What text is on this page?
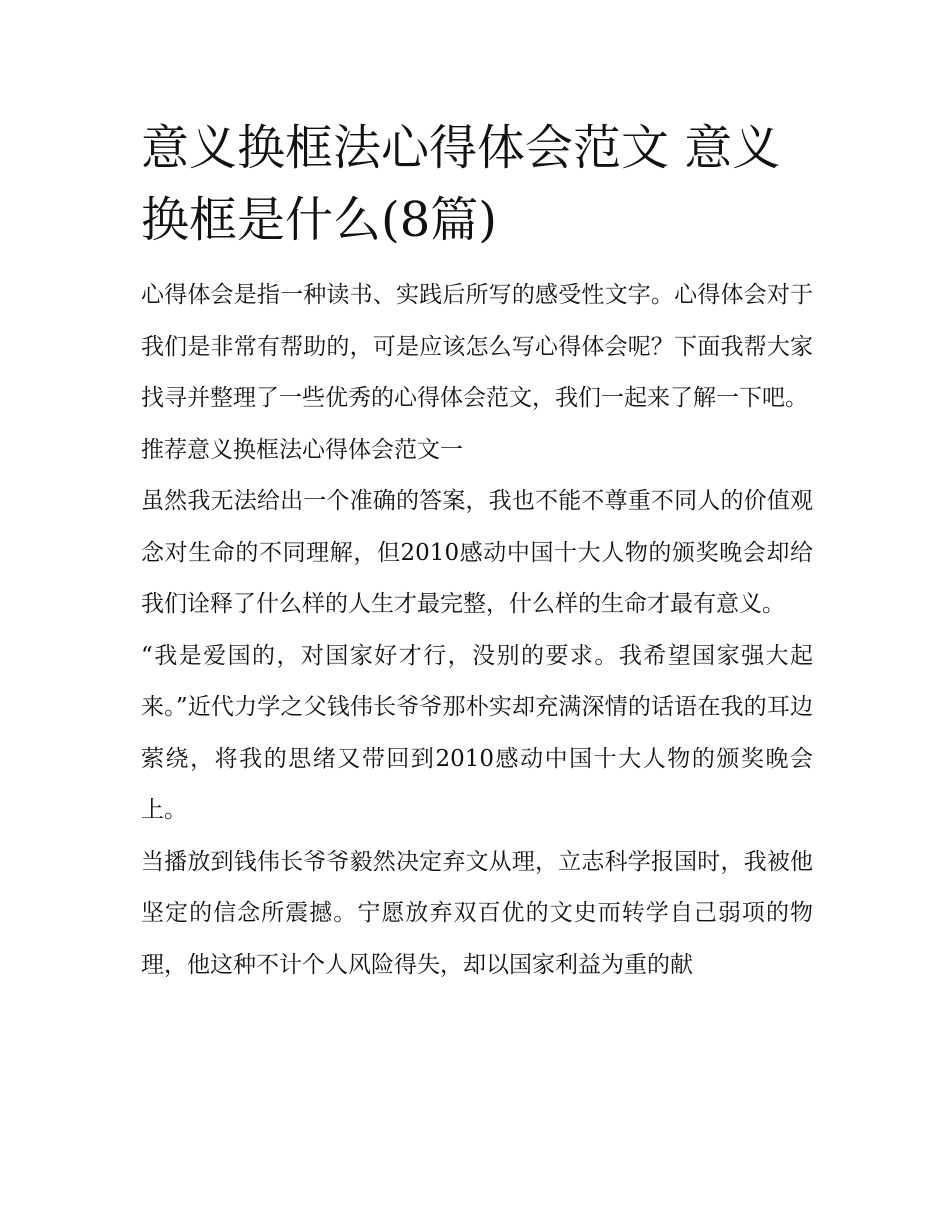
意义换框法心得体会范文 意义换框是什么(8篇)

心得体会是指一种读书、实践后所写的感受性文字。心得体会对于我们是非常有帮助的，可是应该怎么写心得体会呢？下面我帮大家找寻并整理了一些优秀的心得体会范文，我们一起来了解一下吧。

推荐意义换框法心得体会范文一

虽然我无法给出一个准确的答案，我也不能不尊重不同人的价值观念对生命的不同理解，但2010感动中国十大人物的颁奖晚会却给我们诠释了什么样的人生才最完整，什么样的生命才最有意义。

“我是爱国的，对国家好才行，没别的要求。我希望国家强大起来。”近代力学之父钱伟长爷爷那朴实却充满深情的话语在我的耳边萦绕，将我的思绪又带回到2010感动中国十大人物的颁奖晚会上。

当播放到钱伟长爷爷毅然决定弃文从理，立志科学报国时，我被他坚定的信念所震撼。宁愿放弃双百优的文史而转学自己弱项的物理，他这种不计个人风险得失，却以国家利益为重的献
